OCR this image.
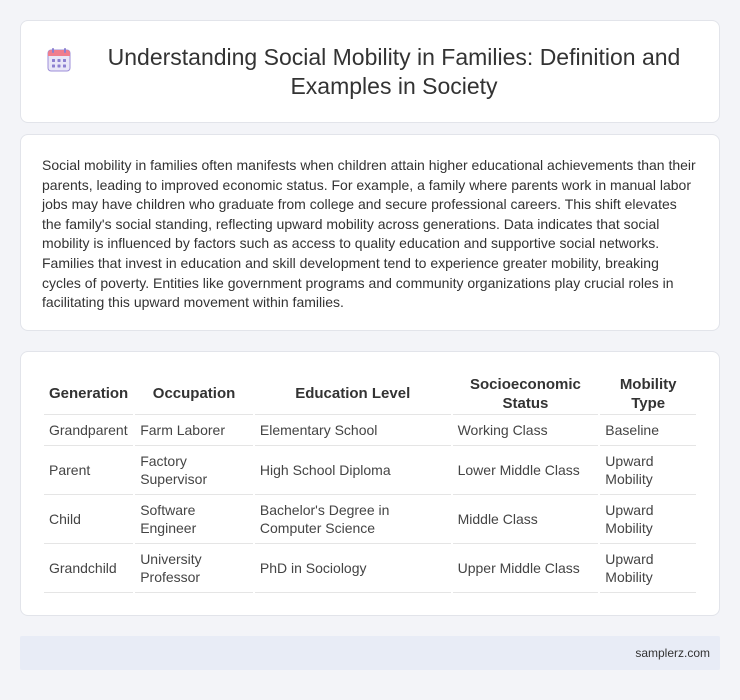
Understanding Social Mobility in Families: Definition and Examples in Society

Social mobility in families often manifests when children attain higher educational achievements than their parents, leading to improved economic status. For example, a family where parents work in manual labor jobs may have children who graduate from college and secure professional careers. This shift elevates the family's social standing, reflecting upward mobility across generations. Data indicates that social mobility is influenced by factors such as access to quality education and supportive social networks. Families that invest in education and skill development tend to experience greater mobility, breaking cycles of poverty. Entities like government programs and community organizations play crucial roles in facilitating this upward movement within families.

Generation	Occupation	Education Level	Socioeconomic Status	Mobility Type
Grandparent	Farm Laborer	Elementary School	Working Class	Baseline
Parent	Factory Supervisor	High School Diploma	Lower Middle Class	Upward Mobility
Child	Software Engineer	Bachelor's Degree in Computer Science	Middle Class	Upward Mobility
Grandchild	University Professor	PhD in Sociology	Upper Middle Class	Upward Mobility
samplerz.com
